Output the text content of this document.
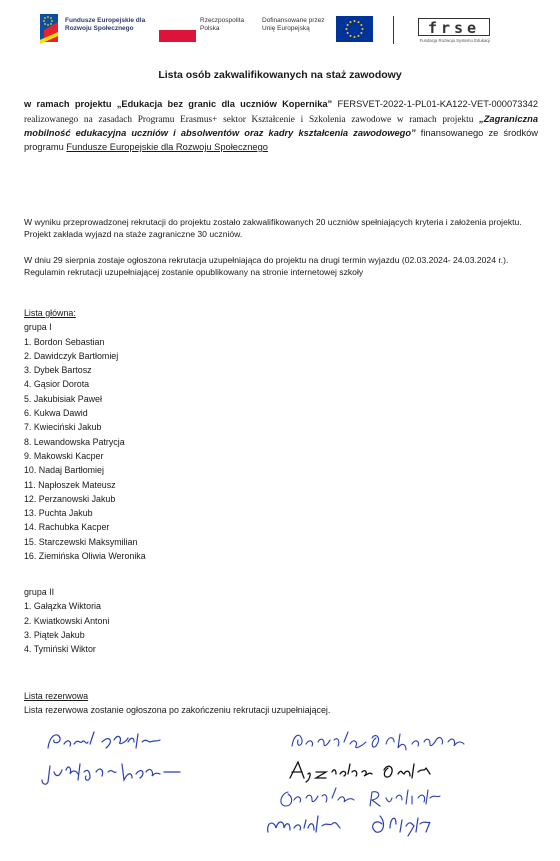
Fundusze Europejskie dla Rozwoju Społecznego
Rzeczpospolita Polska
Dofinansowane przez Unię Europejską	frse
Fundacja Rozwoju Systemu Edukacji
Lista osób zakwalifikowanych na staż zawodowy
w ramach projektu „Edukacja bez granic dla uczniów Kopernika” FERSVET-2022-1-PL01-KA122-VET-000073342 realizowanego na zasadach Programu Erasmus+ sektor Kształcenie i Szkolenia zawodowe w ramach projektu „Zagraniczna mobilność edukacyjna uczniów i absolwentów oraz kadry kształcenia zawodowego” finansowanego ze środków programu Fundusze Europejskie dla Rozwoju Społecznego
W wyniku przeprowadzonej rekrutacji do projektu zostało zakwalifikowanych 20 uczniów spełniających kryteria i założenia projektu. Projekt zakłada wyjazd na staże zagraniczne 30 uczniów.
W dniu 29 sierpnia zostaje ogłoszona rekrutacja uzupełniająca do projektu na drugi termin wyjazdu (02.03.2024- 24.03.2024 r.). Regulamin rekrutacji uzupełniającej zostanie opublikowany na stronie internetowej szkoły
Lista główna:
grupa I
1. Bordon Sebastian
2. Dawidczyk Bartłomiej
3. Dybek Bartosz
4. Gąsior Dorota
5. Jakubisiak Paweł
6. Kukwa Dawid
7. Kwieciński Jakub
8. Lewandowska Patrycja
9. Makowski Kacper
10. Nadaj Bartłomiej
11. Napłoszek Mateusz
12. Perzanowski Jakub
13. Puchta Jakub
14. Rachubka Kacper
15. Starczewski Maksymilian
16. Ziemińska Oliwia Weronika
grupa II
1. Gałązka Wiktoria
2. Kwiatkowski Antoni
3. Piątek Jakub
4. Tymiński Wiktor
Lista rezerwowa
Lista rezerwowa zostanie ogłoszona po zakończeniu rekrutacji uzupełniającej.
